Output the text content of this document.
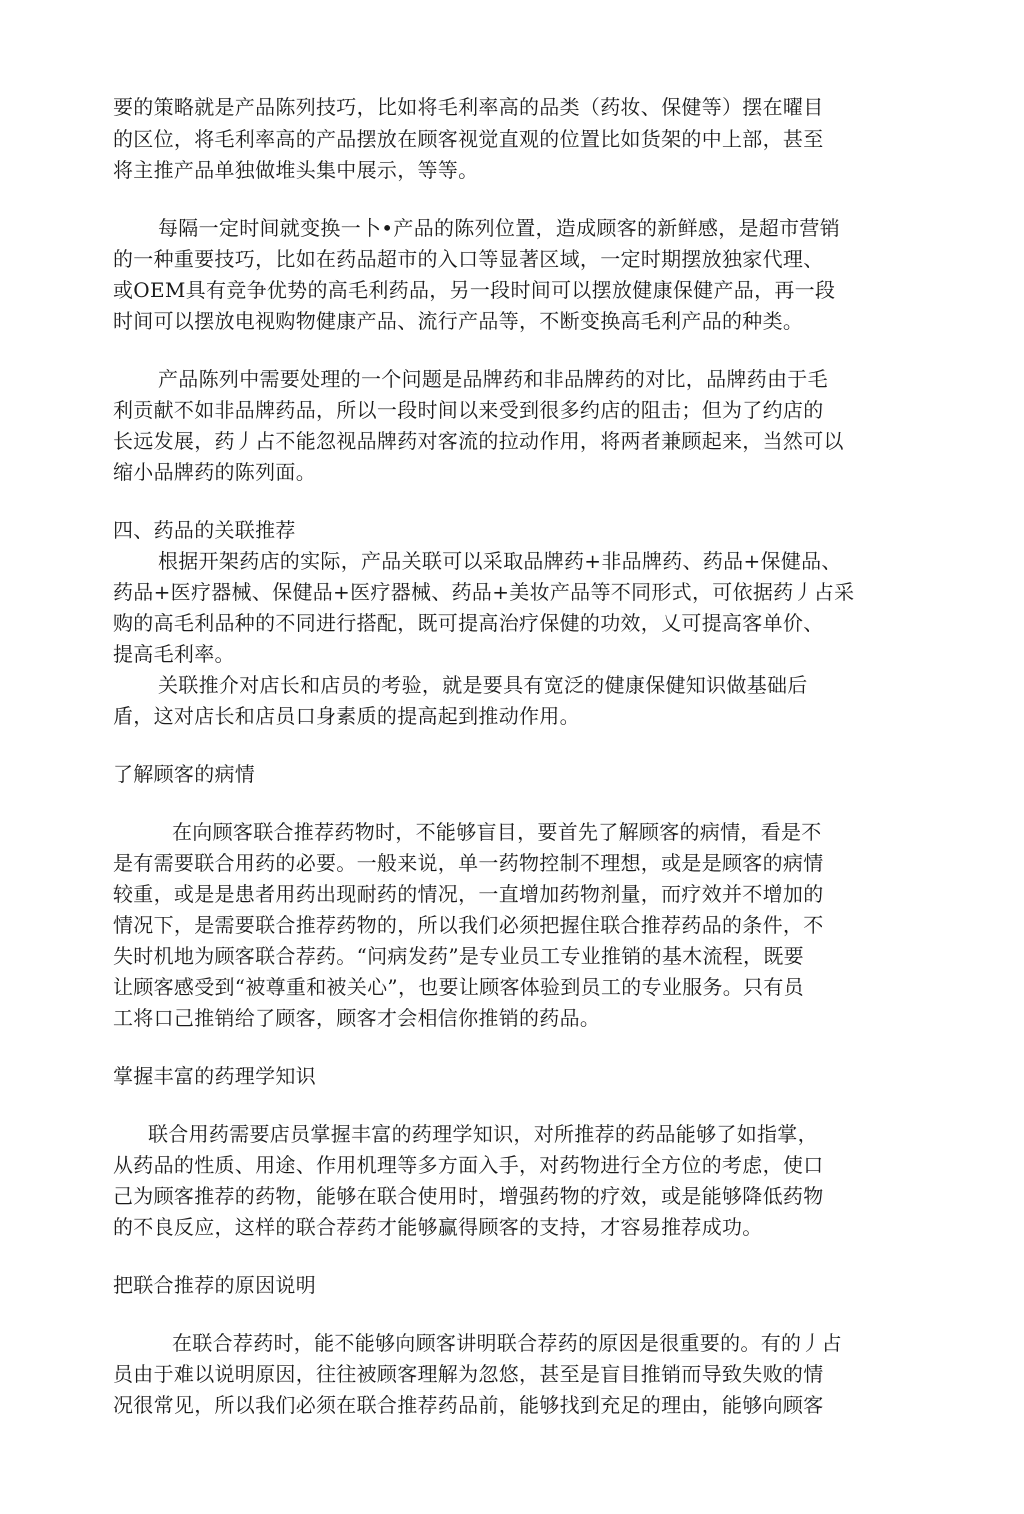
要的策略就是产品陈列技巧，比如将毛利率高的品类（药妆、保健等）摆在曜目
的区位，将毛利率高的产品摆放在顾客视觉直观的位置比如货架的中上部，甚至
将主推产品单独做堆头集中展示，等等。
每隔一定时间就变换一卜•产品的陈列位置，造成顾客的新鲜感，是超市营销
的一种重要技巧，比如在药品超市的入口等显著区域，一定时期摆放独家代理、
或OEM具有竞争优势的高毛利药品，另一段时间可以摆放健康保健产品，再一段
时间可以摆放电视购物健康产品、流行产品等，不断变换高毛利产品的种类。
产品陈列中需要处理的一个问题是品牌药和非品牌药的对比，品牌药由于毛
利贡献不如非品牌药品，所以一段时间以来受到很多约店的阻击；但为了约店的
长远发展，药丿占不能忽视品牌药对客流的拉动作用，将两者兼顾起来，当然可以
缩小品牌药的陈列面。
四、药品的关联推荐
根据开架药店的实际，产品关联可以采取品牌药+非品牌药、药品+保健品、
药品+医疗器械、保健品+医疗器械、药品+美妆产品等不同形式，可依据药丿占采
购的高毛利品种的不同进行搭配，既可提高治疗保健的功效，乂可提高客单价、
提高毛利率。
关联推介对店长和店员的考验，就是要具有宽泛的健康保健知识做基础后
盾，这对店长和店员口身素质的提高起到推动作用。
了解顾客的病情
在向顾客联合推荐药物时，不能够盲目，要首先了解顾客的病情，看是不
是有需要联合用药的必要。一般来说，单一药物控制不理想，或是是顾客的病情
较重，或是是患者用药出现耐药的情况，一直增加药物剂量，而疗效并不增加的
情况下，是需要联合推荐药物的，所以我们必须把握住联合推荐药品的条件，不
失时机地为顾客联合荐药。“问病发药”是专业员工专业推销的基木流程，既要
让顾客感受到“被尊重和被关心”，也要让顾客体验到员工的专业服务。只有员
工将口己推销给了顾客，顾客才会相信你推销的药品。
掌握丰富的药理学知识
联合用药需要店员掌握丰富的药理学知识，对所推荐的药品能够了如指掌，
从药品的性质、用途、作用机理等多方面入手，对药物进行全方位的考虑，使口
己为顾客推荐的药物，能够在联合使用时，增强药物的疗效，或是能够降低药物
的不良反应，这样的联合荐药才能够赢得顾客的支持，才容易推荐成功。
把联合推荐的原因说明
在联合荐药时，能不能够向顾客讲明联合荐药的原因是很重要的。有的丿占
员由于难以说明原因，往往被顾客理解为忽悠，甚至是盲目推销而导致失败的情
况很常见，所以我们必须在联合推荐药品前，能够找到充足的理由，能够向顾客
